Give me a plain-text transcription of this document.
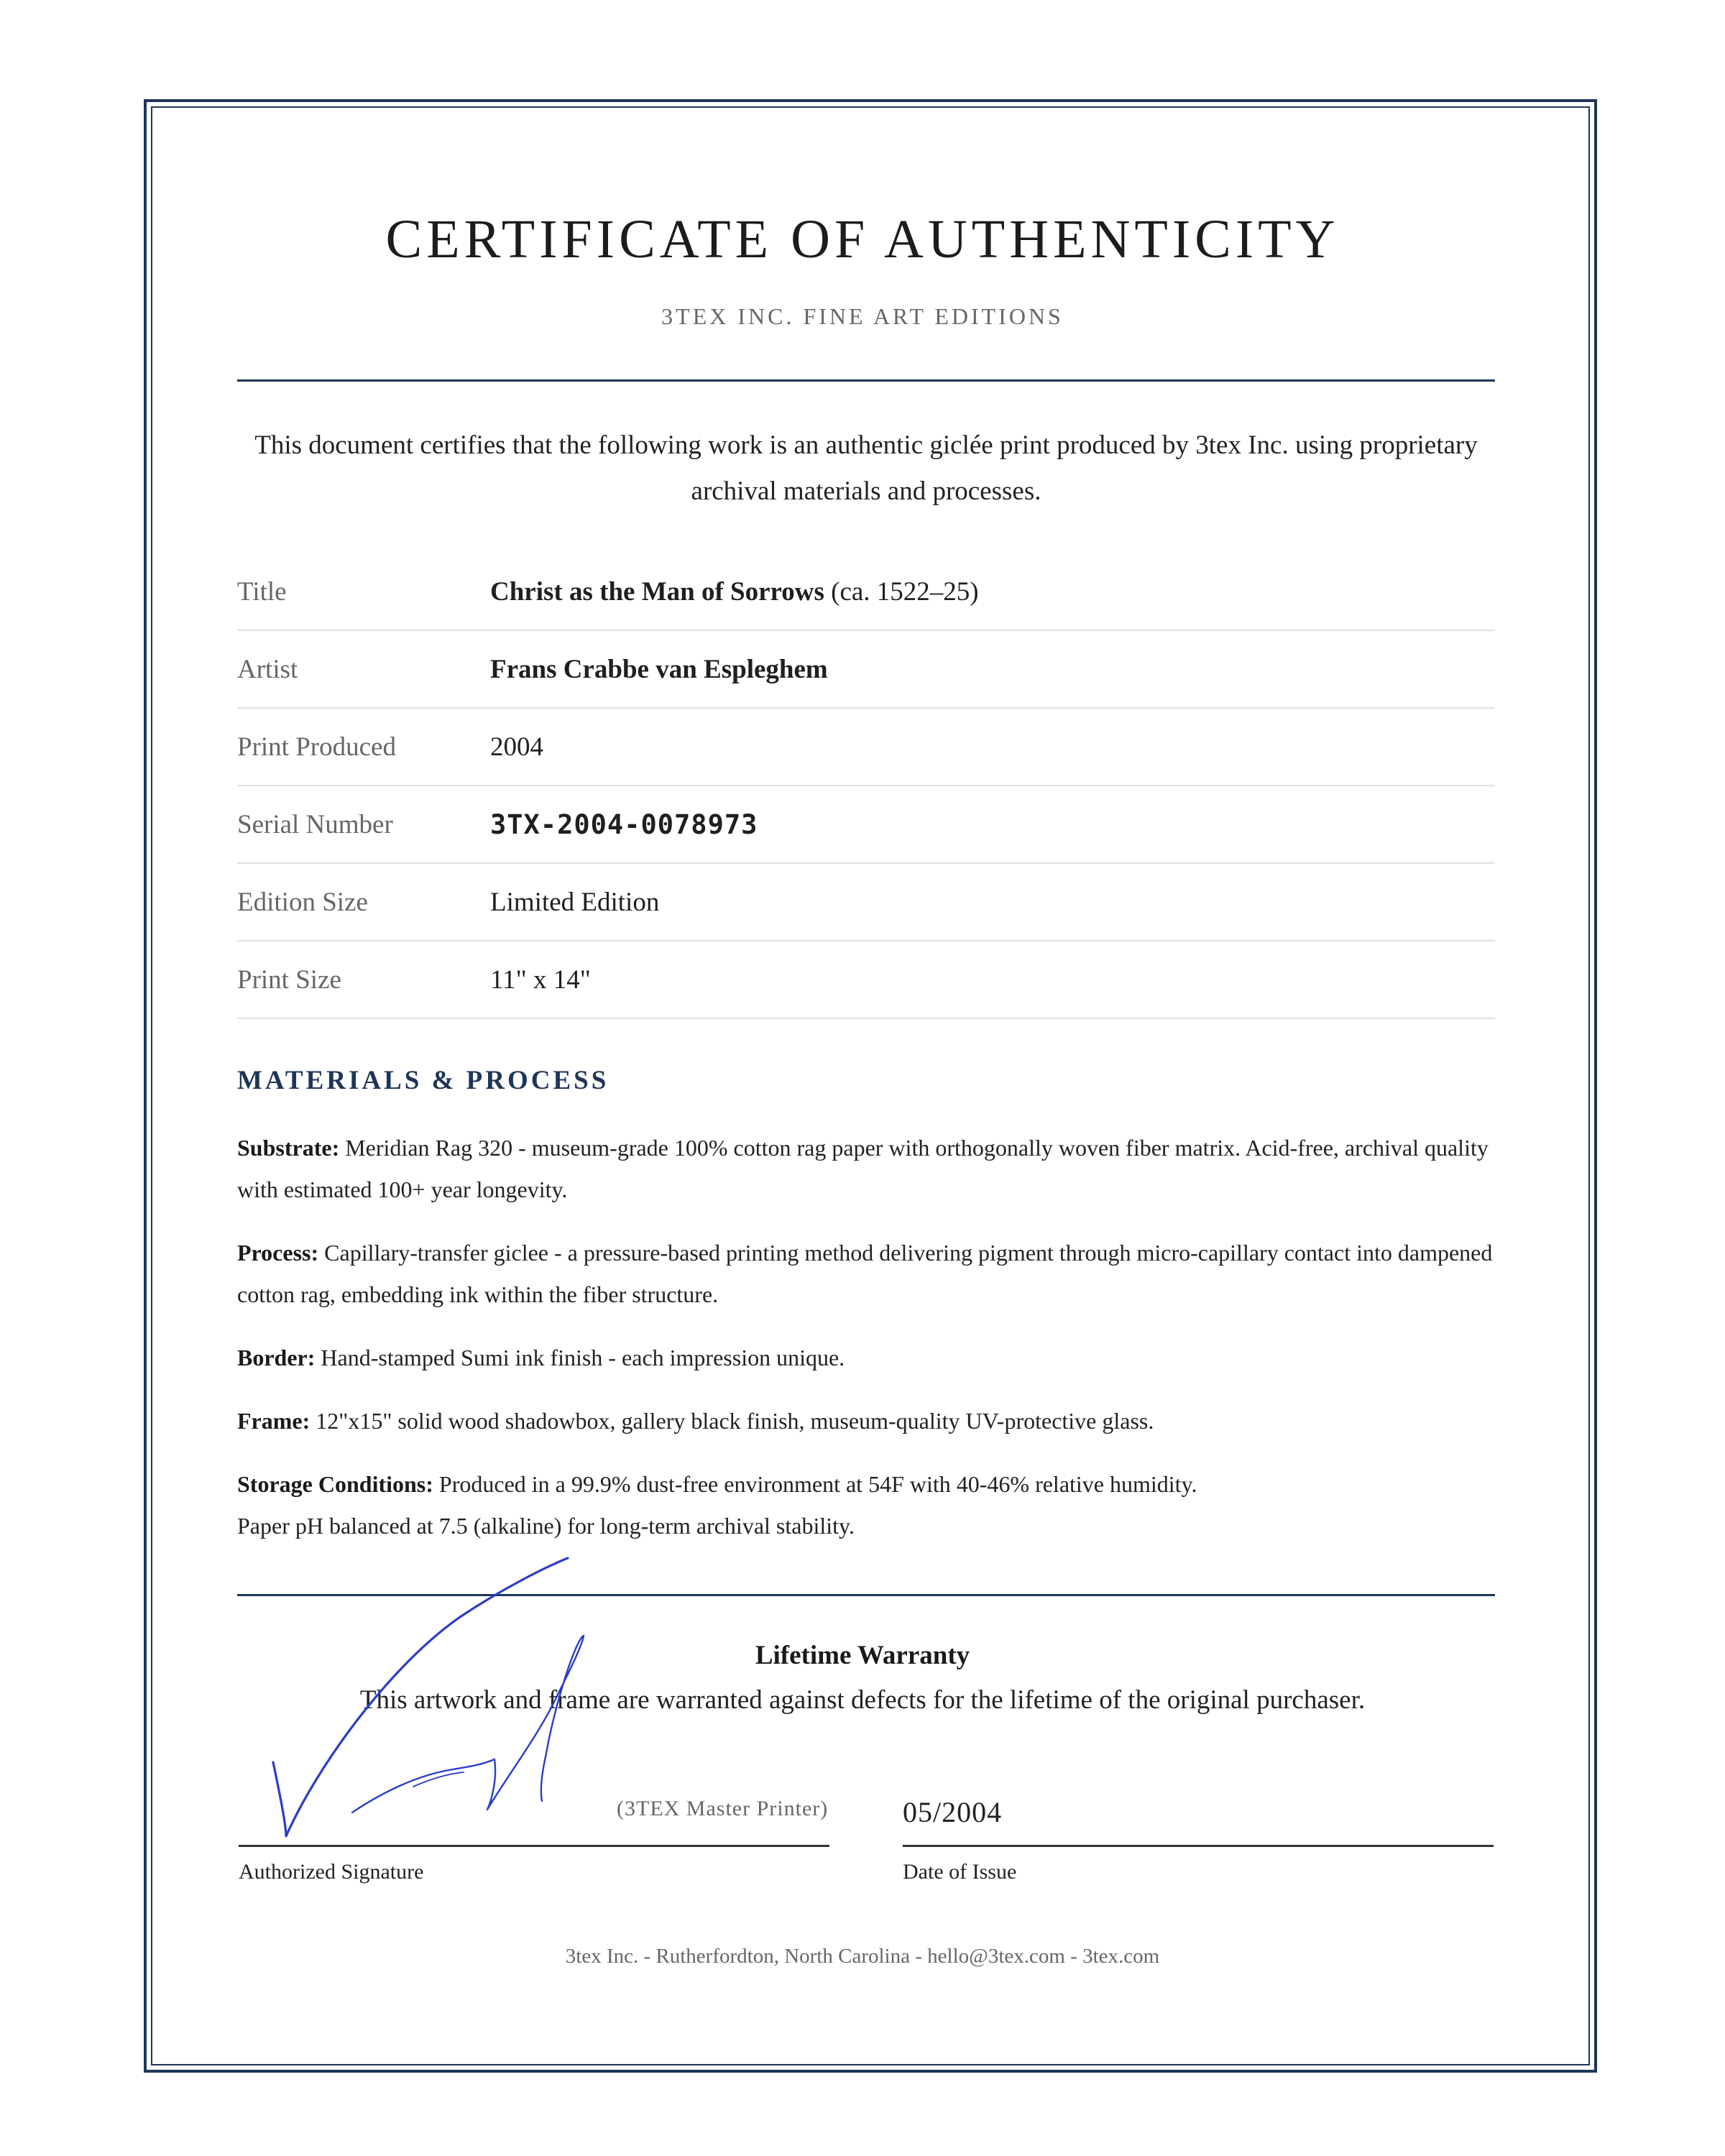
CERTIFICATE OF AUTHENTICITY
3TEX INC. FINE ART EDITIONS

This document certifies that the following work is an authentic giclée print produced by 3tex Inc. using proprietary archival materials and processes.

Title	Christ as the Man of Sorrows (ca. 1522–25)
Artist	Frans Crabbe van Espleghem
Print Produced	2004
Serial Number	3TX-2004-0078973
Edition Size	Limited Edition
Print Size	11" x 14"
MATERIALS & PROCESS

Substrate: Meridian Rag 320 - museum-grade 100% cotton rag paper with orthogonally woven fiber matrix. Acid-free, archival quality with estimated 100+ year longevity.

Process: Capillary-transfer giclee - a pressure-based printing method delivering pigment through micro-capillary contact into dampened cotton rag, embedding ink within the fiber structure.

Border: Hand-stamped Sumi ink finish - each impression unique.

Frame: 12"x15" solid wood shadowbox, gallery black finish, museum-quality UV-protective glass.

Storage Conditions: Produced in a 99.9% dust-free environment at 54F with 40-46% relative humidity.
Paper pH balanced at 7.5 (alkaline) for long-term archival stability.

Lifetime Warranty
This artwork and frame are warranted against defects for the lifetime of the original purchaser.
(3TEX Master Printer)	05/2004
Authorized Signature	Date of Issue
3tex Inc. - Rutherfordton, North Carolina - hello@3tex.com - 3tex.com
